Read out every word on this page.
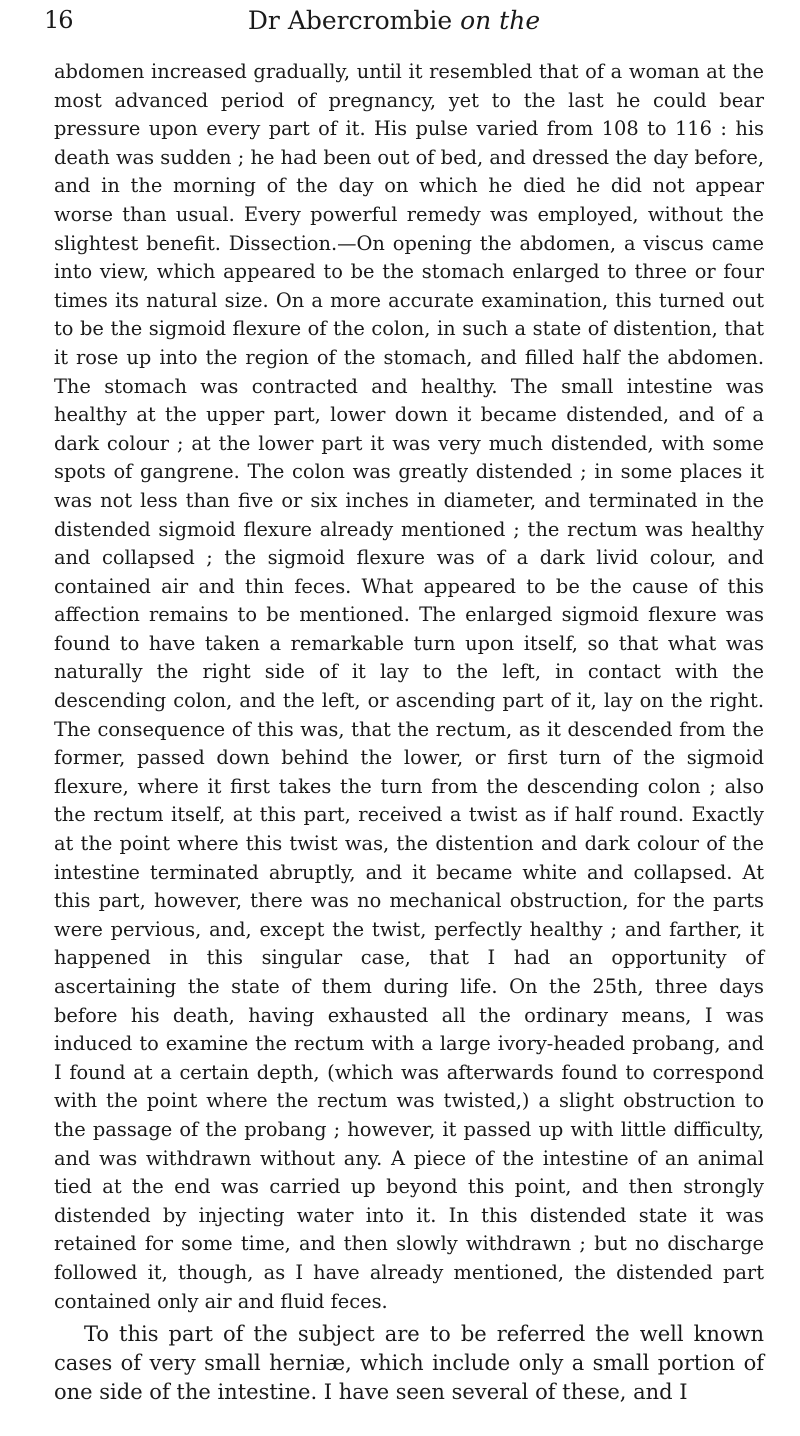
16	Dr Abercrombie on the

abdomen increased gradually, until it resembled that of a woman at the most advanced period of pregnancy, yet to the last he could bear pressure upon every part of it. His pulse varied from 108 to 116 : his death was sudden ; he had been out of bed, and dressed the day before, and in the morning of the day on which he died he did not appear worse than usual. Every powerful remedy was employed, without the slightest benefit. Dissection.—On opening the abdomen, a viscus came into view, which appeared to be the stomach enlarged to three or four times its natural size. On a more accurate examination, this turned out to be the sigmoid flexure of the colon, in such a state of distention, that it rose up into the region of the stomach, and filled half the abdomen. The stomach was contracted and healthy. The small intestine was healthy at the upper part, lower down it became distended, and of a dark colour ; at the lower part it was very much distended, with some spots of gangrene. The colon was greatly distended ; in some places it was not less than five or six inches in diameter, and terminated in the distended sigmoid flexure already mentioned ; the rectum was healthy and collapsed ; the sigmoid flexure was of a dark livid colour, and contained air and thin feces. What appeared to be the cause of this affection remains to be mentioned. The enlarged sigmoid flexure was found to have taken a remarkable turn upon itself, so that what was naturally the right side of it lay to the left, in contact with the descending colon, and the left, or ascending part of it, lay on the right. The consequence of this was, that the rectum, as it descended from the former, passed down behind the lower, or first turn of the sigmoid flexure, where it first takes the turn from the descending colon ; also the rectum itself, at this part, received a twist as if half round. Exactly at the point where this twist was, the distention and dark colour of the intestine terminated abruptly, and it became white and collapsed. At this part, however, there was no mechanical obstruction, for the parts were pervious, and, except the twist, perfectly healthy ; and farther, it happened in this singular case, that I had an opportunity of ascertaining the state of them during life. On the 25th, three days before his death, having exhausted all the ordinary means, I was induced to examine the rectum with a large ivory-headed probang, and I found at a certain depth, (which was afterwards found to correspond with the point where the rectum was twisted,) a slight obstruction to the passage of the probang ; however, it passed up with little difficulty, and was withdrawn without any. A piece of the intestine of an animal tied at the end was carried up beyond this point, and then strongly distended by injecting water into it. In this distended state it was retained for some time, and then slowly withdrawn ; but no discharge followed it, though, as I have already mentioned, the distended part contained only air and fluid feces.

To this part of the subject are to be referred the well known cases of very small herniæ, which include only a small portion of one side of the intestine. I have seen several of these, and I
